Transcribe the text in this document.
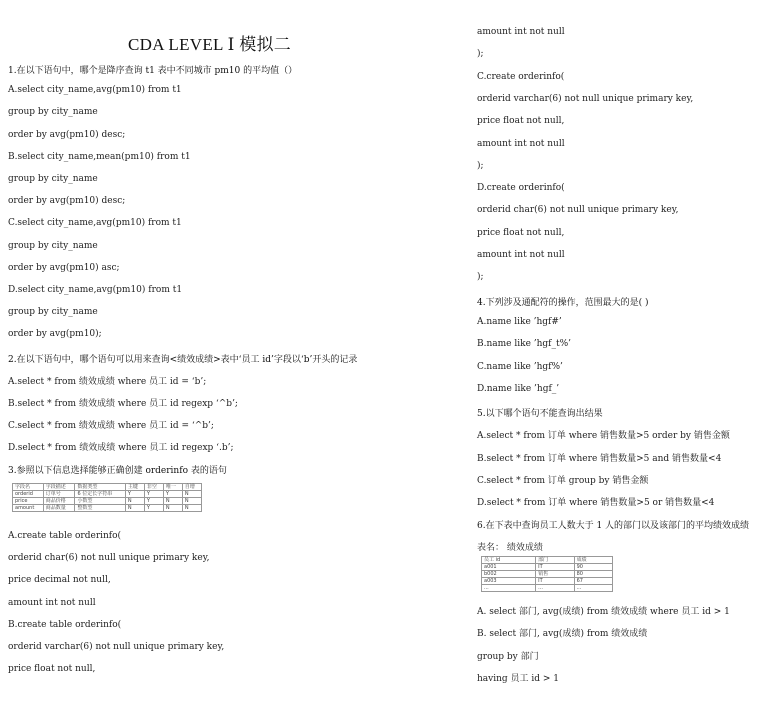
CDA LEVEL Ⅰ 模拟二
1.在以下语句中，哪个是降序查询 t1 表中不同城市 pm10 的平均值（）
A.select city_name,avg(pm10) from t1
group by city_name
order by avg(pm10) desc;
B.select city_name,mean(pm10) from t1
group by city_name
order by avg(pm10) desc;
C.select city_name,avg(pm10) from t1
group by city_name
order by avg(pm10) asc;
D.select city_name,avg(pm10) from t1
group by city_name
order by avg(pm10);
2.在以下语句中，哪个语句可以用来查询<绩效成绩>表中‘员工 id’字段以‘b’开头的记录
A.select * from 绩效成绩 where 员工 id = ‘b’;
B.select * from 绩效成绩 where 员工 id regexp ‘^b’;
C.select * from 绩效成绩 where 员工 id = ‘^b’;
D.select * from 绩效成绩 where 员工 id regexp ‘.b’;
3.参照以下信息选择能够正确创建 orderinfo 表的语句
字段名	字段描述	数据类型	主键	非空	唯一	自增
orderid	订单号	6 位定长字符串	Y	Y	Y	N
price	商品价格	小数型	N	Y	N	N
amount	商品数量	整数型	N	Y	N	N
A.create table orderinfo(
orderid char(6) not null unique primary key,
price decimal not null,
amount int not null
B.create table orderinfo(
orderid varchar(6) not null unique primary key,
price float not null,
amount int not null
);
C.create orderinfo(
orderid varchar(6) not null unique primary key,
price float not null,
amount int not null
);
D.create orderinfo(
orderid char(6) not null unique primary key,
price float not null,
amount int not null
);
4.下列涉及通配符的操作，范围最大的是( )
A.name like ’hgf#’
B.name like ’hgf_t%’
C.name like ’hgf%’
D.name like ’hgf_’
5.以下哪个语句不能查询出结果
A.select * from 订单 where 销售数量>5 order by 销售金额
B.select * from 订单 where 销售数量>5 and 销售数量<4
C.select * from 订单 group by 销售金额
D.select * from 订单 where 销售数量>5 or 销售数量<4
6.在下表中查询员工人数大于 1 人的部门以及该部门的平均绩效成绩
表名： 绩效成绩
员工 id	部门	成绩
a001	IT	90
b002	销售	80
a003	IT	67
...	...	...
A. select 部门, avg(成绩) from 绩效成绩 where 员工 id > 1
B. select 部门, avg(成绩) from 绩效成绩
group by 部门
having 员工 id > 1
